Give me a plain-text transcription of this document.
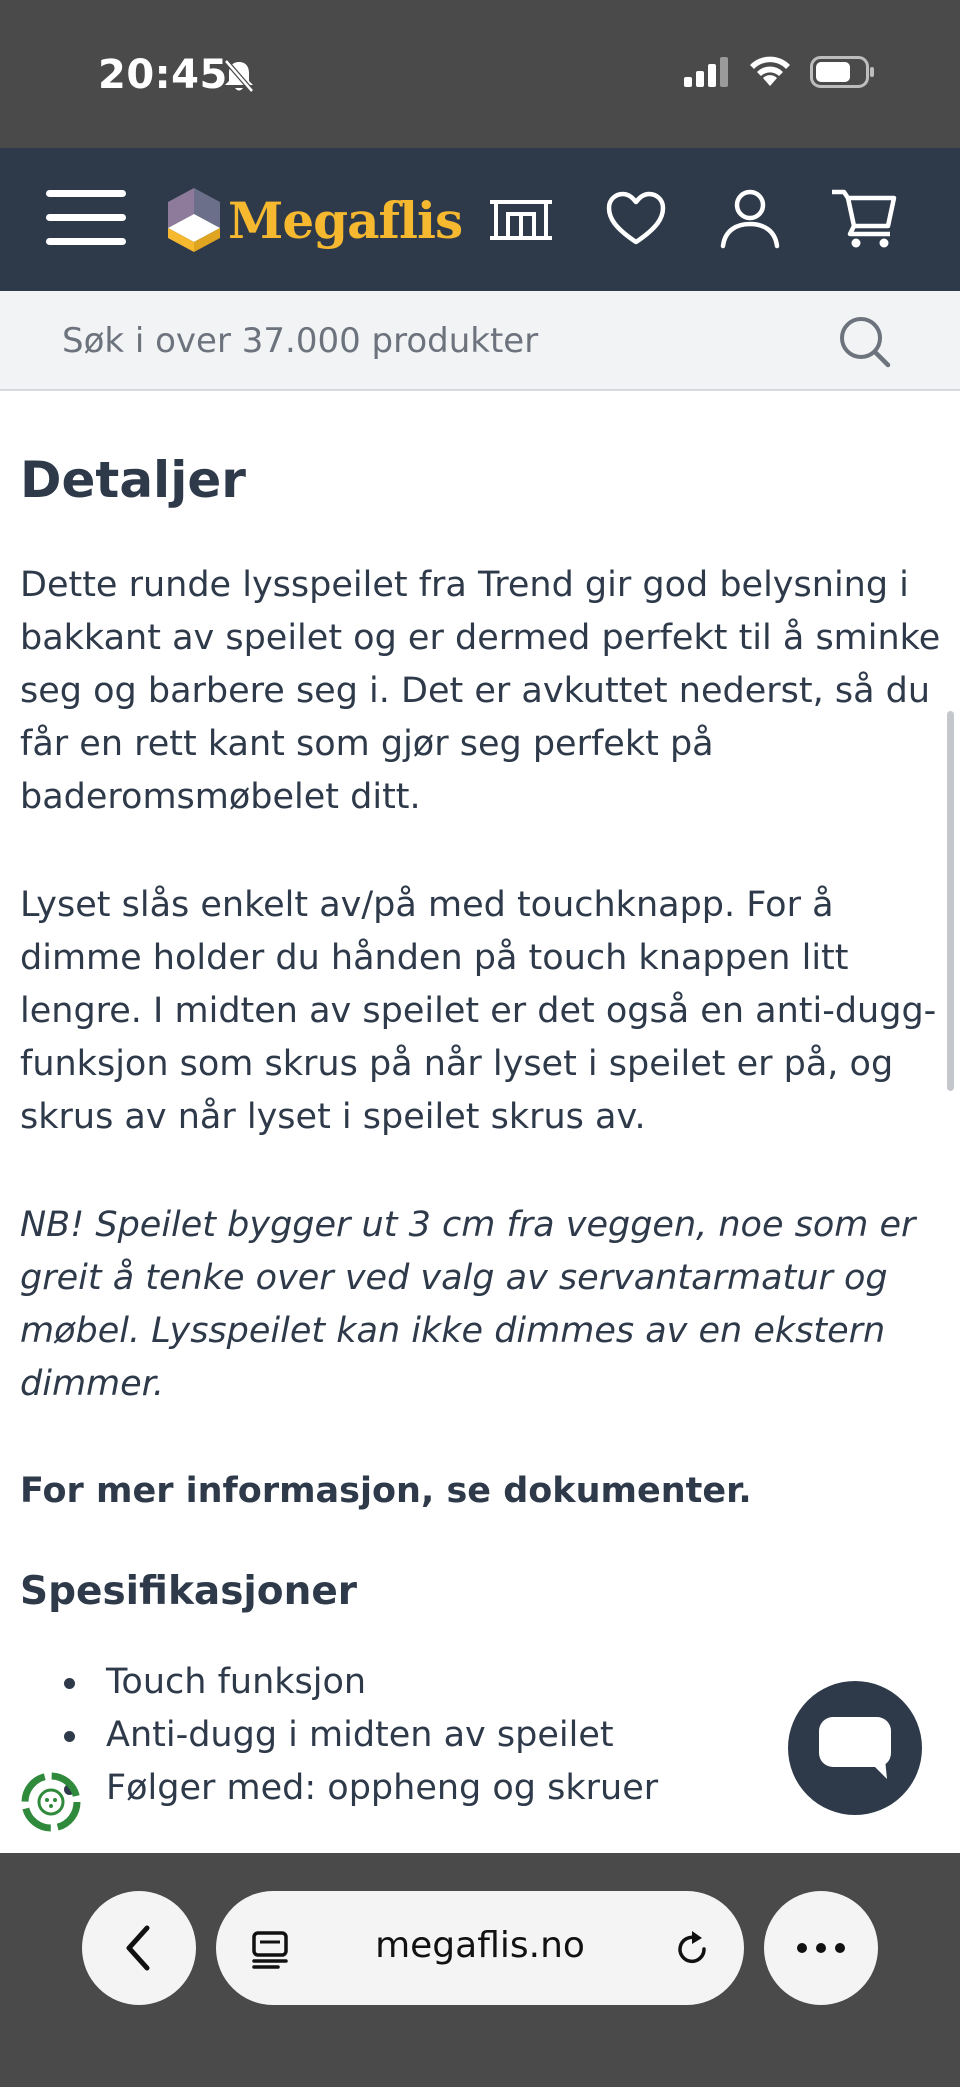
20:45
Megaflis
Søk i over 37.000 produkter
Detaljer

Dette runde lysspeilet fra Trend gir god belysning i bakkant av speilet og er dermed perfekt til å sminke seg og barbere seg i. Det er avkuttet nederst, så du får en rett kant som gjør seg perfekt på baderomsmøbelet ditt.

Lyset slås enkelt av/på med touchknapp. For å dimme holder du hånden på touch knappen litt lengre. I midten av speilet er det også en anti-dugg-funksjon som skrus på når lyset i speilet er på, og skrus av når lyset i speilet skrus av.

NB! Speilet bygger ut 3 cm fra veggen, noe som er greit å tenke over ved valg av servantarmatur og møbel. Lysspeilet kan ikke dimmes av en ekstern dimmer.

For mer informasjon, se dokumenter.

Spesifikasjoner
Touch funksjon
Anti-dugg i midten av speilet
Følger med: oppheng og skruer
megaflis.no
